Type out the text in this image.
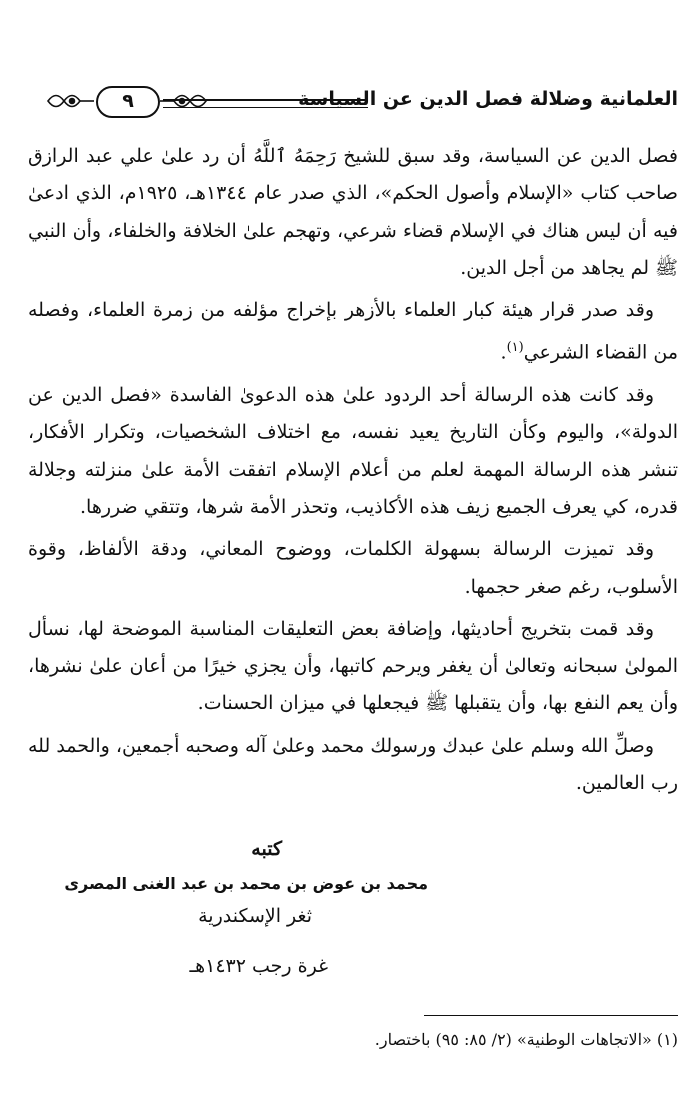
العلمانية وضلالة فصل الدين عن السياسة
٩

فصل الدين عن السياسة، وقد سبق للشيخ رَحِمَهُ ٱللَّهُ أن رد علىٰ علي عبد الرازق صاحب كتاب «الإسلام وأصول الحكم»، الذي صدر عام ١٣٤٤هـ، ١٩٢٥م، الذي ادعىٰ فيه أن ليس هناك في الإسلام قضاء شرعي، وتهجم علىٰ الخلافة والخلفاء، وأن النبي ﷺ لم يجاهد من أجل الدين.

وقد صدر قرار هيئة كبار العلماء بالأزهر بإخراج مؤلفه من زمرة العلماء، وفصله من القضاء الشرعي$^{(١)}$.

وقد كانت هذه الرسالة أحد الردود علىٰ هذه الدعوىٰ الفاسدة «فصل الدين عن الدولة»، واليوم وكأن التاريخ يعيد نفسه، مع اختلاف الشخصيات، وتكرار الأفكار، تنشر هذه الرسالة المهمة لعلم من أعلام الإسلام اتفقت الأمة علىٰ منزلته وجلالة قدره، كي يعرف الجميع زيف هذه الأكاذيب، وتحذر الأمة شرها، وتتقي ضررها.

وقد تميزت الرسالة بسهولة الكلمات، ووضوح المعاني، ودقة الألفاظ، وقوة الأسلوب، رغم صغر حجمها.

وقد قمت بتخريج أحاديثها، وإضافة بعض التعليقات المناسبة الموضحة لها، نسأل المولىٰ سبحانه وتعالىٰ أن يغفر ويرحم كاتبها، وأن يجزي خيرًا من أعان علىٰ نشرها، وأن يعم النفع بها، وأن يتقبلها ﷺ فيجعلها في ميزان الحسنات.

وصلِّ الله وسلم علىٰ عبدك ورسولك محمد وعلىٰ آله وصحبه أجمعين، والحمد لله رب العالمين.

كتبه
محمد بن عوض بن محمد بن عبد الغنى المصرى
ثغر الإسكندرية
غرة رجب ١٤٣٢هـ
(١) «الاتجاهات الوطنية» (٢/ ٨٥: ٩٥) باختصار.
